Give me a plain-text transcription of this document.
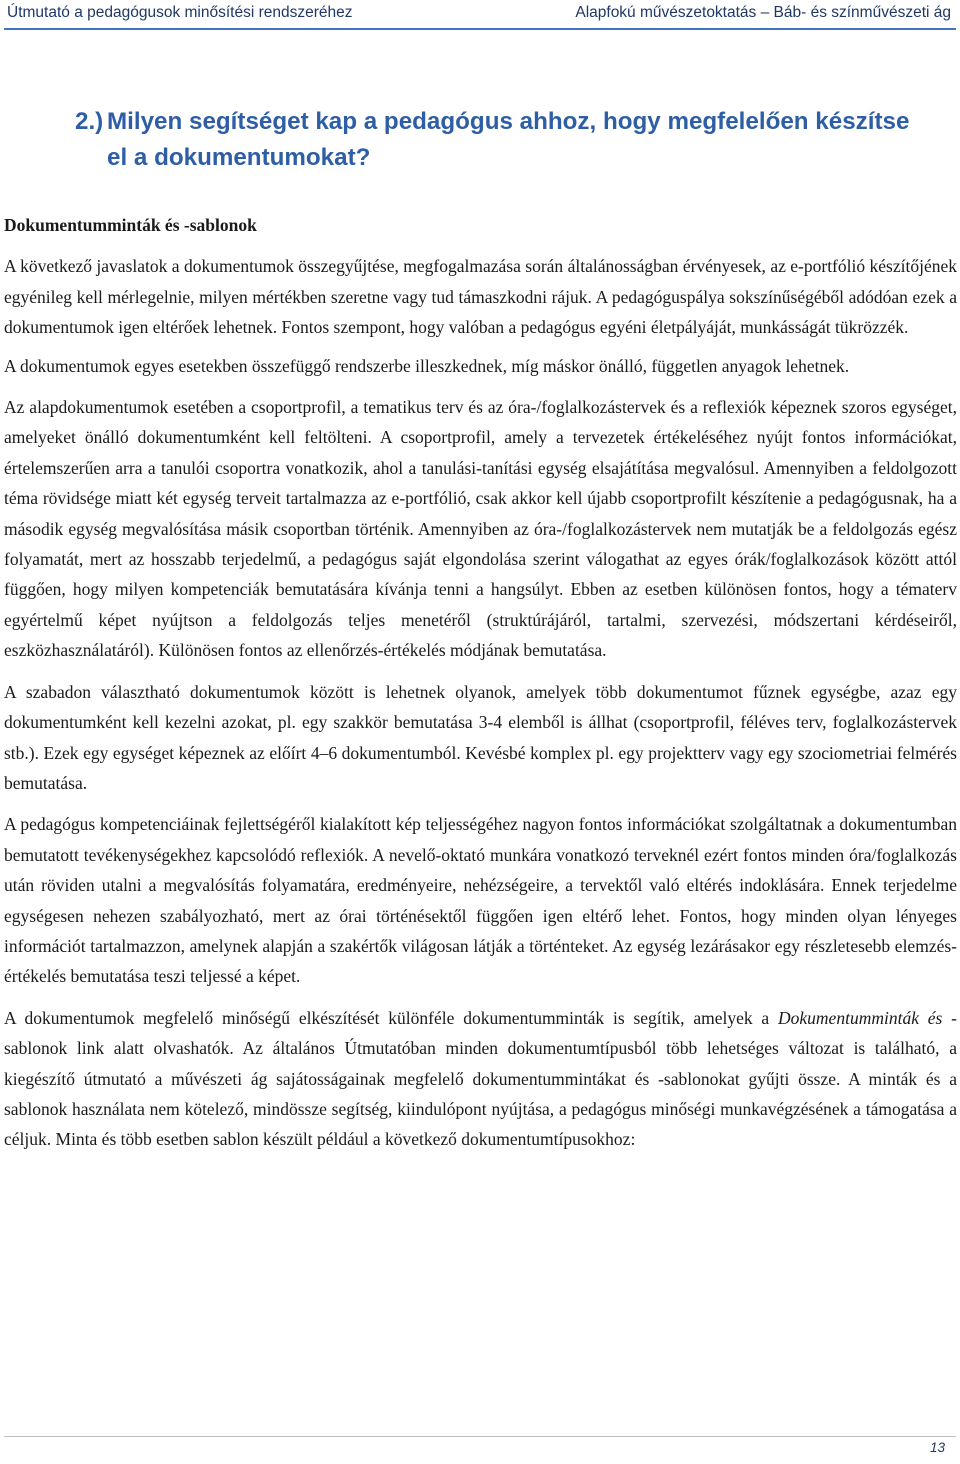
Útmutató a pedagógusok minősítési rendszeréhez	Alapfokú művészetoktatás – Báb- és színművészeti ág
2.) Milyen segítséget kap a pedagógus ahhoz, hogy megfelelően készítse
el a dokumentumokat?

Dokumentumminták és -sablonok

A következő javaslatok a dokumentumok összegyűjtése, megfogalmazása során általánosságban érvényesek, az e-portfólió készítőjének egyénileg kell mérlegelnie, milyen mértékben szeretne vagy tud támaszkodni rájuk. A pedagóguspálya sokszínűségéből adódóan ezek a dokumentumok igen eltérőek lehetnek. Fontos szempont, hogy valóban a pedagógus egyéni életpályáját, munkásságát tükrözzék.

A dokumentumok egyes esetekben összefüggő rendszerbe illeszkednek, míg máskor önálló, független anyagok lehetnek.

Az alapdokumentumok esetében a csoportprofil, a tematikus terv és az óra-/foglalkozástervek és a reflexiók képeznek szoros egységet, amelyeket önálló dokumentumként kell feltölteni. A csoportprofil, amely a tervezetek értékeléséhez nyújt fontos információkat, értelemszerűen arra a tanulói csoportra vonatkozik, ahol a tanulási-tanítási egység elsajátítása megvalósul. Amennyiben a feldolgozott téma rövidsége miatt két egység terveit tartalmazza az e-portfólió, csak akkor kell újabb csoportprofilt készítenie a pedagógusnak, ha a második egység megvalósítása másik csoportban történik. Amennyiben az óra-/foglalkozástervek nem mutatják be a feldolgozás egész folyamatát, mert az hosszabb terjedelmű, a pedagógus saját elgondolása szerint válogathat az egyes órák/foglalkozások között attól függően, hogy milyen kompetenciák bemutatására kívánja tenni a hangsúlyt. Ebben az esetben különösen fontos, hogy a tématerv egyértelmű képet nyújtson a feldolgozás teljes menetéről (struktúrájáról, tartalmi, szervezési, módszertani kérdéseiről, eszközhasználatáról). Különösen fontos az ellenőrzés-értékelés módjának bemutatása.

A szabadon választható dokumentumok között is lehetnek olyanok, amelyek több dokumentumot fűznek egységbe, azaz egy dokumentumként kell kezelni azokat, pl. egy szakkör bemutatása 3-4 elemből is állhat (csoportprofil, féléves terv, foglalkozástervek stb.). Ezek egy egységet képeznek az előírt 4–6 dokumentumból. Kevésbé komplex pl. egy projektterv vagy egy szociometriai felmérés bemutatása.

A pedagógus kompetenciáinak fejlettségéről kialakított kép teljességéhez nagyon fontos információkat szolgáltatnak a dokumentumban bemutatott tevékenységekhez kapcsolódó reflexiók. A nevelő-oktató munkára vonatkozó terveknél ezért fontos minden óra/foglalkozás után röviden utalni a megvalósítás folyamatára, eredményeire, nehézségeire, a tervektől való eltérés indoklására. Ennek terjedelme egységesen nehezen szabályozható, mert az órai történésektől függően igen eltérő lehet. Fontos, hogy minden olyan lényeges információt tartalmazzon, amelynek alapján a szakértők világosan látják a történteket. Az egység lezárásakor egy részletesebb elemzés-értékelés bemutatása teszi teljessé a képet.

A dokumentumok megfelelő minőségű elkészítését különféle dokumentumminták is segítik, amelyek a Dokumentumminták és -sablonok link alatt olvashatók. Az általános Útmutatóban minden dokumentumtípusból több lehetséges változat is található, a kiegészítő útmutató a művészeti ág sajátosságainak megfelelő dokumentummintákat és -sablonokat gyűjti össze. A minták és a sablonok használata nem kötelező, mindössze segítség, kiindulópont nyújtása, a pedagógus minőségi munkavégzésének a támogatása a céljuk. Minta és több esetben sablon készült például a következő dokumentumtípusokhoz:

13
